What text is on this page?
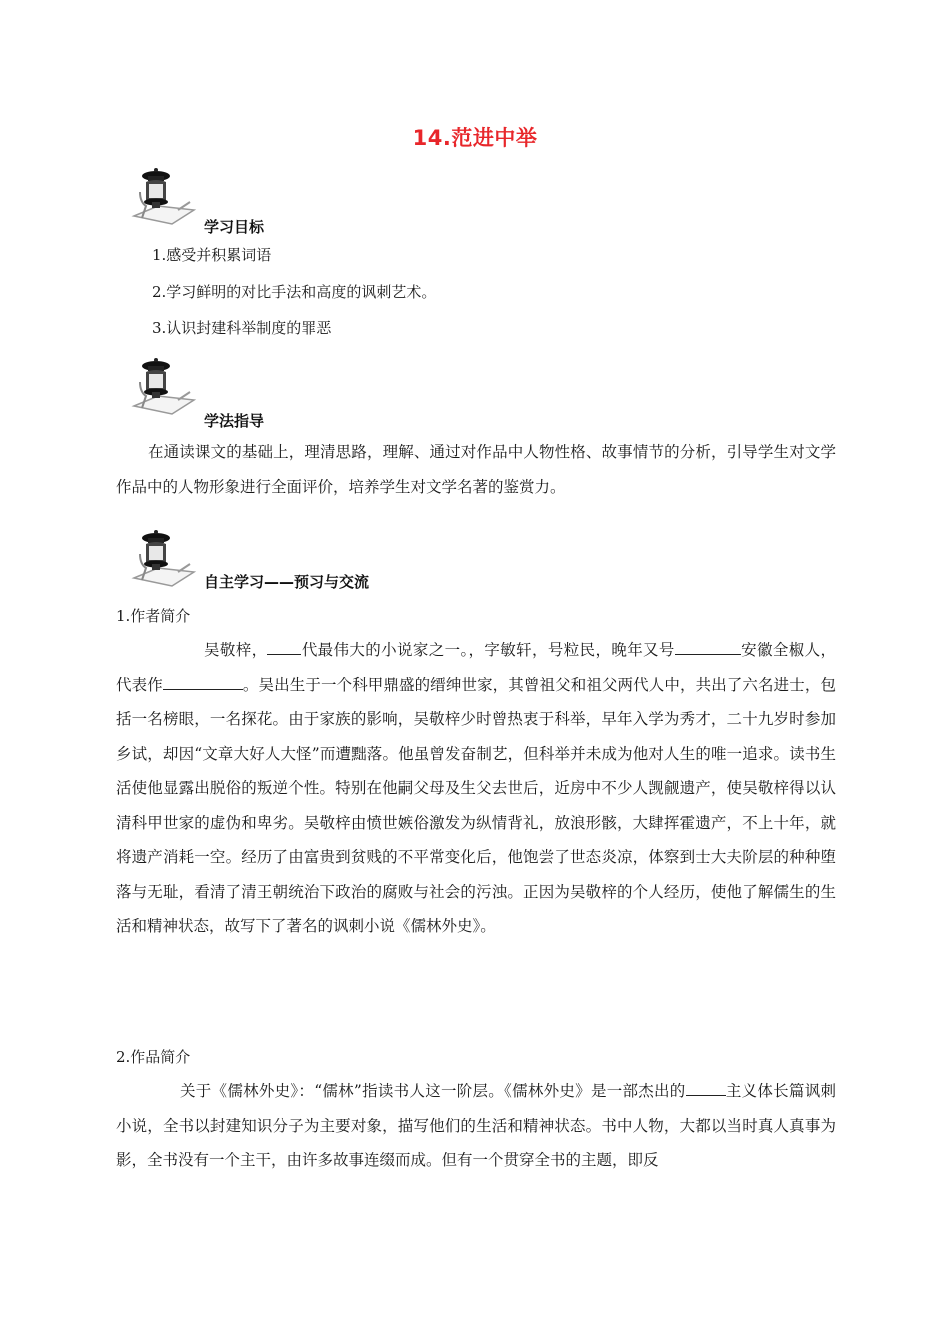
14.范进中举
学习目标
1.感受并积累词语
2.学习鲜明的对比手法和高度的讽刺艺术。
3.认识封建科举制度的罪恶
学法指导

在通读课文的基础上，理清思路，理解、通过对作品中人物性格、故事情节的分析，引导学生对文学作品中的人物形象进行全面评价，培养学生对文学名著的鉴赏力。

自主学习——预习与交流
1.作者简介

吴敬梓， 代最伟大的小说家之一。，字敏轩，号粒民，晚年又号	安徽全椒人，代表作	。吴出生于一个科甲鼎盛的缙绅世家，其曾祖父和祖父两代人中，共出了六名进士，包括一名榜眼，一名探花。由于家族的影响，吴敬梓少时曾热衷于科举，早年入学为秀才，二十九岁时参加乡试，却因“文章大好人大怪”而遭黜落。他虽曾发奋制艺，但科举并未成为他对人生的唯一追求。读书生活使他显露出脱俗的叛逆个性。特别在他嗣父母及生父去世后，近房中不少人觊觎遗产，使吴敬梓得以认清科甲世家的虚伪和卑劣。吴敬梓由愤世嫉俗激发为纵情背礼，放浪形骸，大肆挥霍遗产，不上十年，就将遗产消耗一空。经历了由富贵到贫贱的不平常变化后，他饱尝了世态炎凉，体察到士大夫阶层的种种堕落与无耻，看清了清王朝统治下政治的腐败与社会的污浊。正因为吴敬梓的个人经历，使他了解儒生的生活和精神状态，故写下了著名的讽刺小说《儒林外史》。

2.作品简介

关于《儒林外史》：“儒林”指读书人这一阶层。《儒林外史》是一部杰出的	主义体长篇讽刺小说，全书以封建知识分子为主要对象，描写他们的生活和精神状态。书中人物，大都以当时真人真事为影，全书没有一个主干，由许多故事连缀而成。但有一个贯穿全书的主题，即反
